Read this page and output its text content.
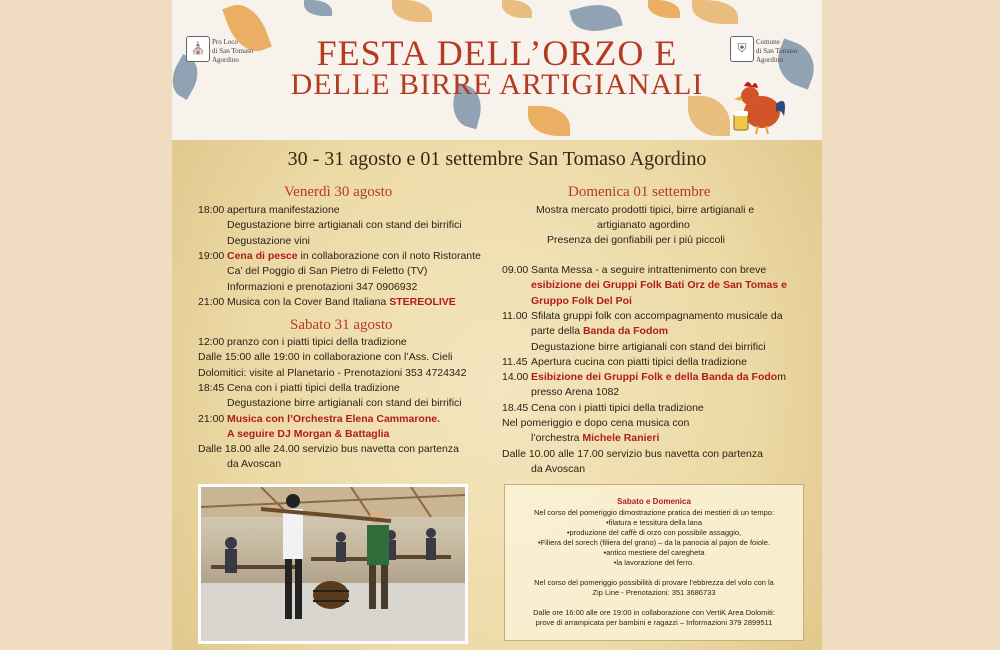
⛪ Pro Loco
di San Tomaso
Agordino
⛨	Comune
di San Tomaso
Agordino
FESTA DELL’ORZO E
DELLE BIRRE ARTIGIANALI
30 - 31 agosto e 01 settembre San Tomaso Agordino
Venerdì 30 agosto
18:00 apertura manifestazione
Degustazione birre artigianali con stand dei birrifici
Degustazione vini
19:00 Cena di pesce in collaborazione con il noto Ristorante
Ca’ del Poggio di San Pietro di Feletto (TV)
Informazioni e prenotazioni 347 0906932
21:00 Musica con la Cover Band Italiana STEREOLIVE
Sabato 31 agosto
12:00 pranzo con i piatti tipici della tradizione
Dalle 15:00 alle 19:00 in collaborazione con l’Ass. Cieli
Dolomitici: visite al Planetario - Prenotazioni 353 4724342
18:45 Cena con i piatti tipici della tradizione
Degustazione birre artigianali con stand dei birrifici
21:00 Musica con l’Orchestra Elena Cammarone.
A seguire DJ Morgan & Battaglia
Dalle 18.00 alle 24.00 servizio bus navetta con partenza
da Avoscan
Domenica 01 settembre
Mostra mercato prodotti tipici, birre artigianali e
artigianato agordino
Presenza dei gonfiabili per i più piccoli
09.00 Santa Messa - a seguire intrattenimento con breve
esibizione dei Gruppi Folk Bati Orz de San Tomas e
Gruppo Folk Del Poi
11.00 Sfilata gruppi folk con accompagnamento musicale da
parte della Banda da Fodom
Degustazione birre artigianali con stand dei birrifici
11.45 Apertura cucina con piatti tipici della tradizione
14.00 Esibizione dei Gruppi Folk e della Banda da Fodom
presso Arena 1082
18.45 Cena con i piatti tipici della tradizione
Nel pomeriggio e dopo cena musica con
l’orchestra Michele Ranieri
Dalle 10.00 alle 17.00 servizio bus navetta con partenza
da Avoscan
Sabato e Domenica
Nel corso del pomeriggio dimostrazione pratica dei mestieri di un tempo:
•filatura e tessitura della lana
•produzione del caffè di orzo con possibile assaggio,
•Filiera del sorech (filiera del grano) – da la panocia al pajon de foiole.
•antico mestiere del caregheta
•la lavorazione del ferro.
Nel corso del pomeriggio possibilità di provare l’ebbrezza del volo con la
Zip Line - Prenotazioni: 351 3686733
Dalle ore 16:00 alle ore 19:00 in collaborazione con VertiK Area Dolomiti:
prove di arrampicata per bambini e ragazzi – Informazioni 379 2899511
